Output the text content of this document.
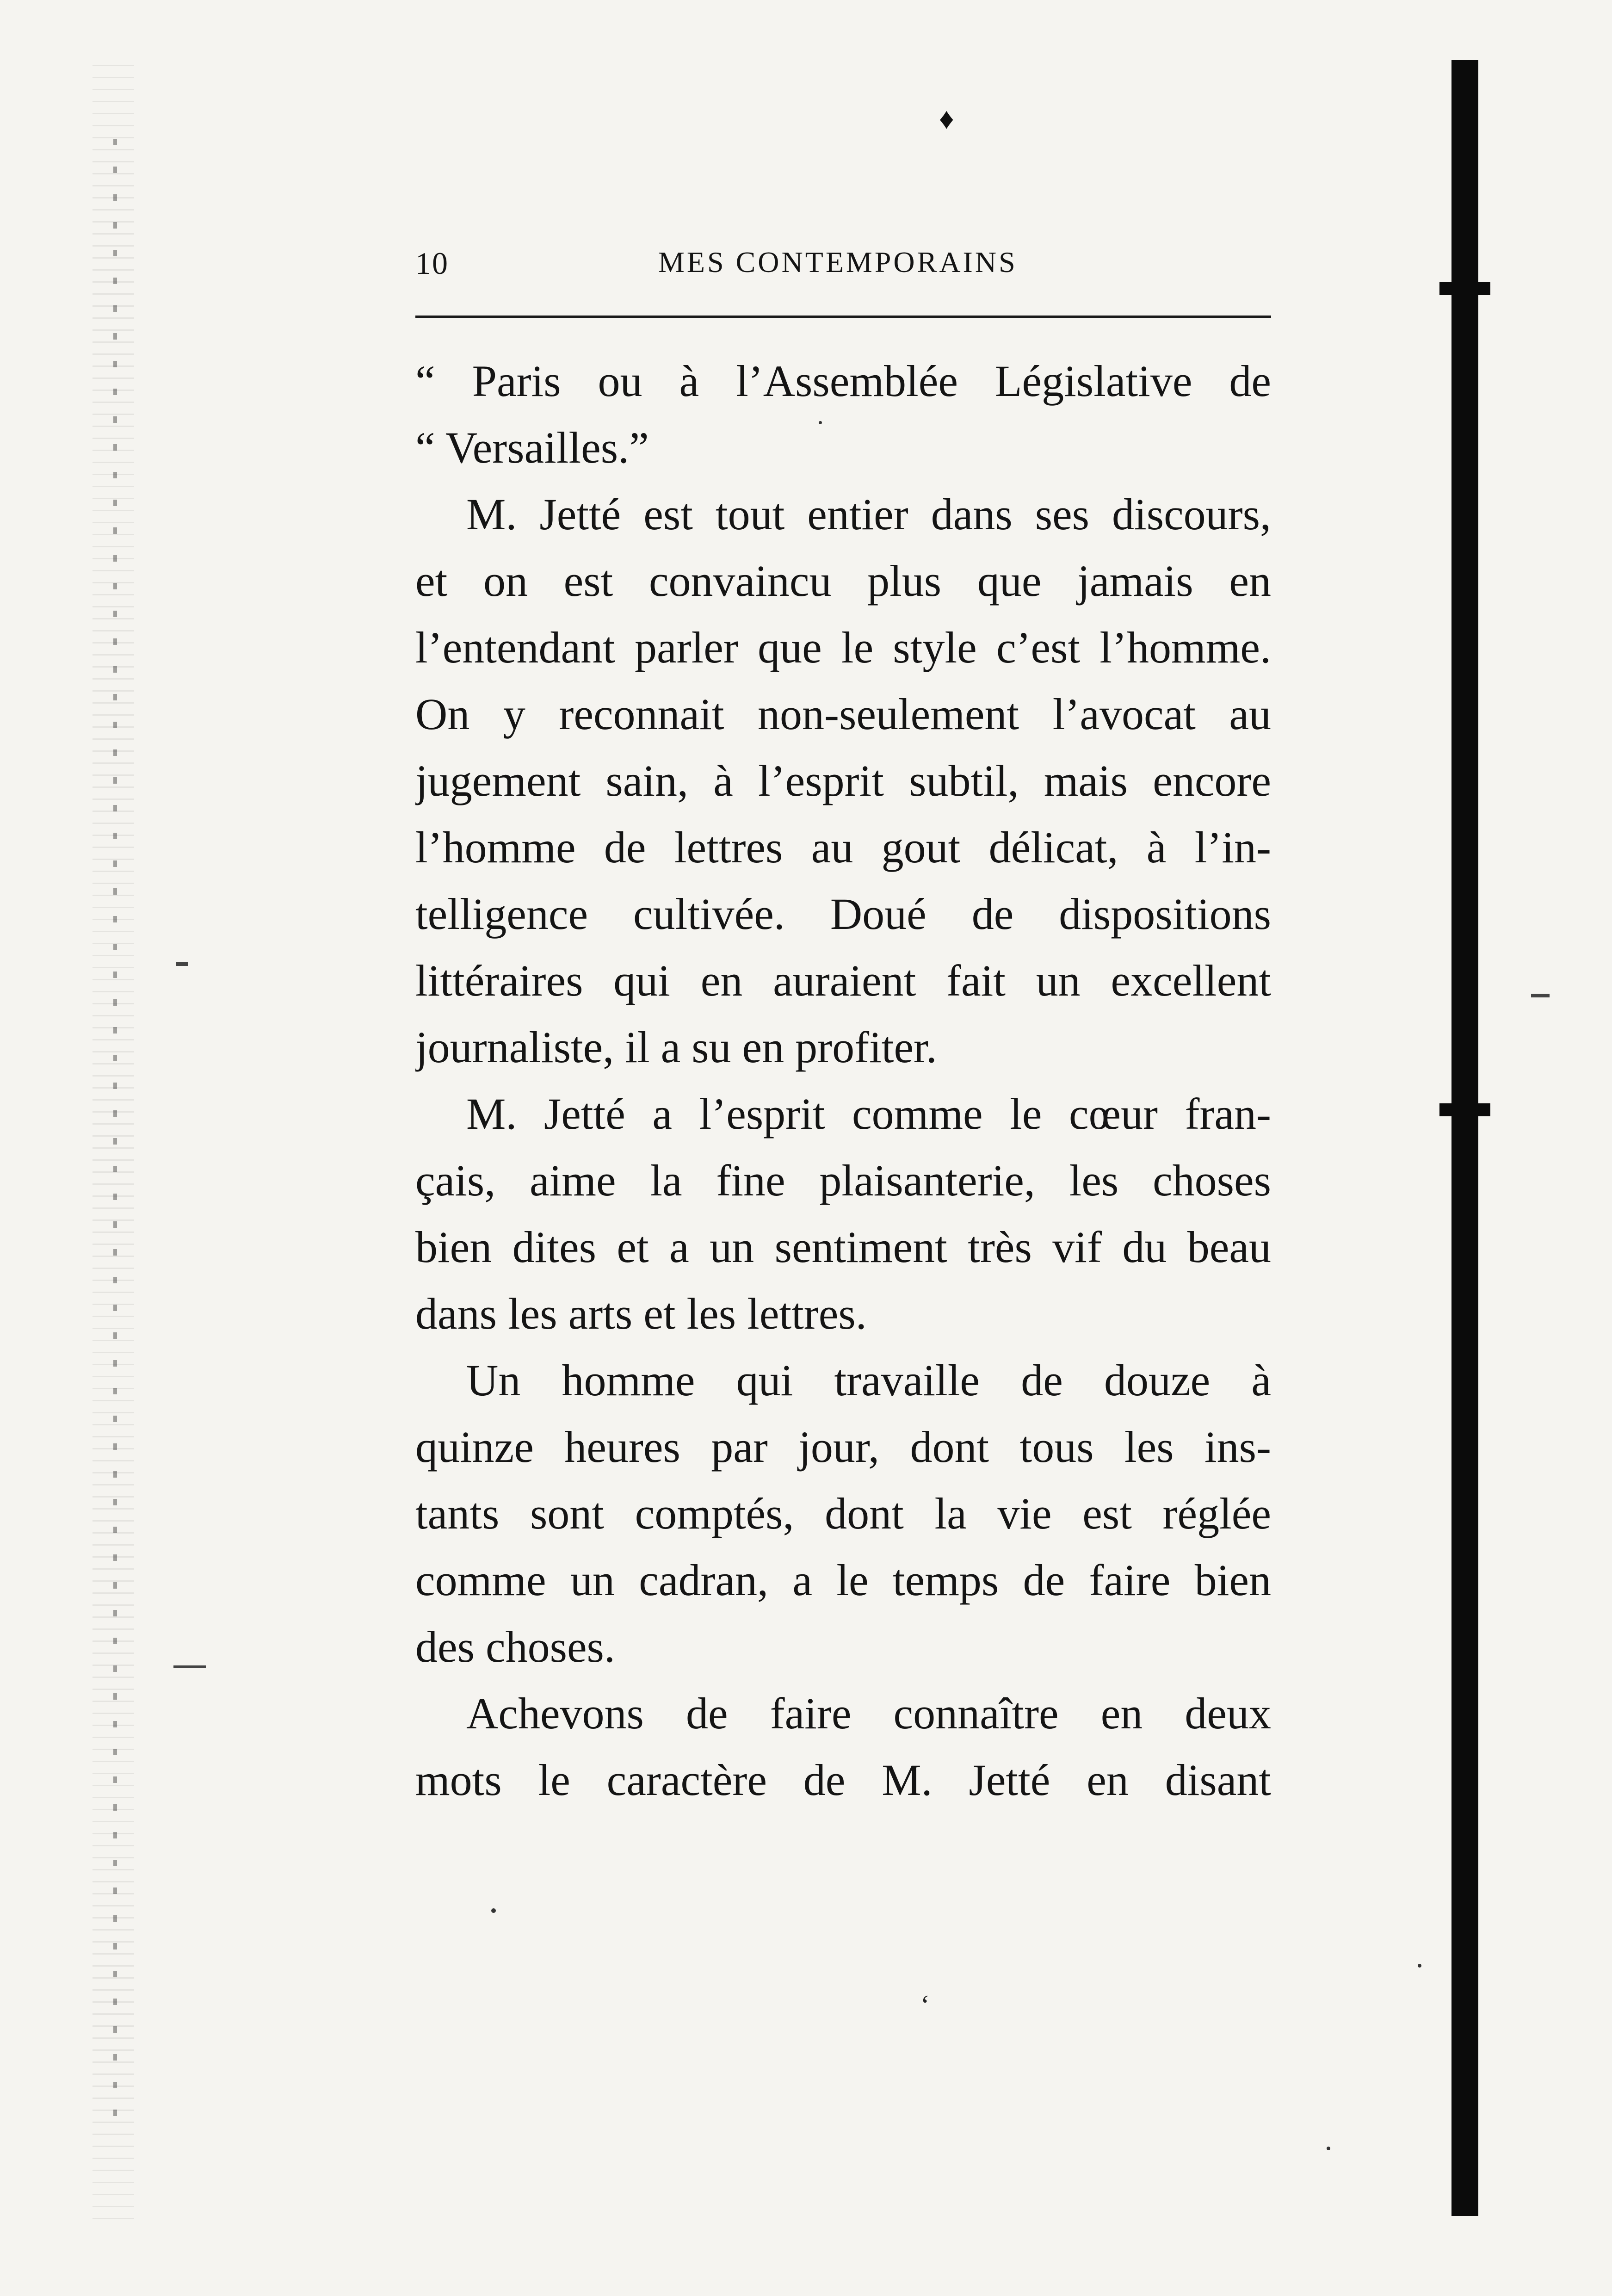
♦
‘
10	MES CONTEMPORAINS
“ Paris ou à l’Assemblée Législative de
“ Versailles.”
M. Jetté est tout entier dans ses discours,
et on est convaincu plus que jamais en
l’entendant parler que le style c’est l’homme.
On y reconnait non-seulement l’avocat au
jugement sain, à l’esprit subtil, mais encore
l’homme de lettres au gout délicat, à l’in-
telligence cultivée. Doué de dispositions
littéraires qui en auraient fait un excellent
journaliste, il a su en profiter.
M. Jetté a l’esprit comme le cœur fran-
çais, aime la fine plaisanterie, les choses
bien dites et a un sentiment très vif du beau
dans les arts et les lettres.
Un homme qui travaille de douze à
quinze heures par jour, dont tous les ins-
tants sont comptés, dont la vie est réglée
comme un cadran, a le temps de faire bien
des choses.
Achevons de faire connaître en deux
mots le caractère de M. Jetté en disant
